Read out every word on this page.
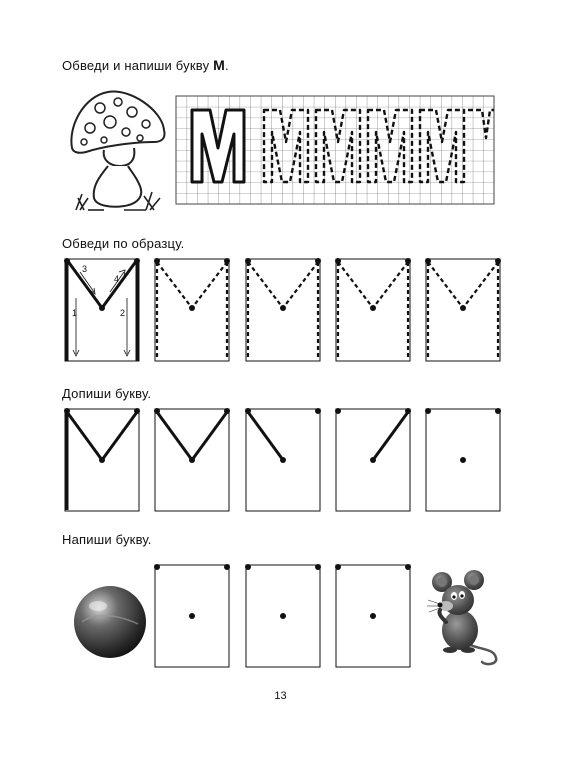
Обведи и напиши букву М.
Обведи по образцу.
3
4
1	2
Допиши букву.
Напиши букву.
13
